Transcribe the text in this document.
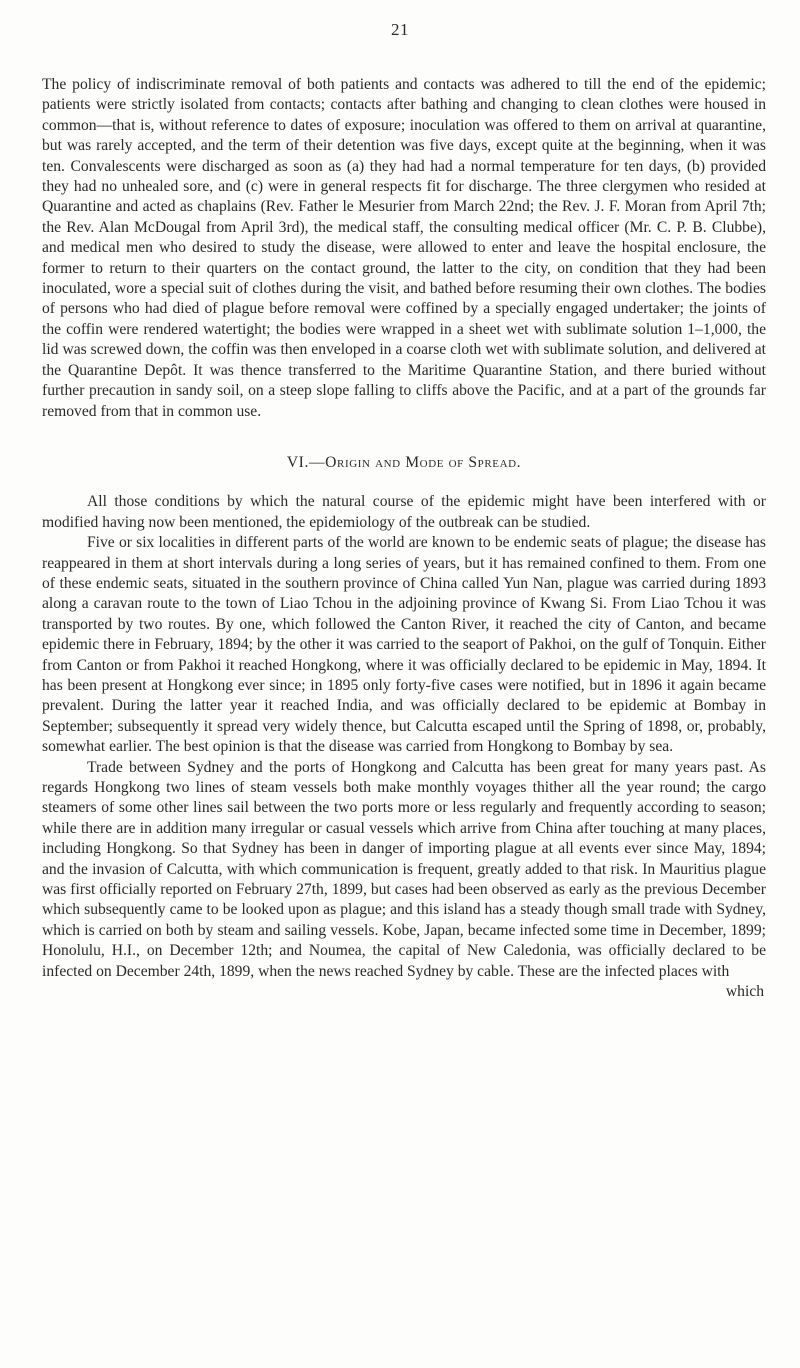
21

The policy of indiscriminate removal of both patients and contacts was adhered to till the end of the epidemic; patients were strictly isolated from contacts; contacts after bathing and changing to clean clothes were housed in common—that is, without reference to dates of exposure; inoculation was offered to them on arrival at quarantine, but was rarely accepted, and the term of their detention was five days, except quite at the beginning, when it was ten. Convalescents were discharged as soon as (a) they had had a normal temperature for ten days, (b) provided they had no unhealed sore, and (c) were in general respects fit for discharge. The three clergymen who resided at Quarantine and acted as chaplains (Rev. Father le Mesurier from March 22nd; the Rev. J. F. Moran from April 7th; the Rev. Alan McDougal from April 3rd), the medical staff, the consulting medical officer (Mr. C. P. B. Clubbe), and medical men who desired to study the disease, were allowed to enter and leave the hospital enclosure, the former to return to their quarters on the contact ground, the latter to the city, on condition that they had been inoculated, wore a special suit of clothes during the visit, and bathed before resuming their own clothes. The bodies of persons who had died of plague before removal were coffined by a specially engaged undertaker; the joints of the coffin were rendered watertight; the bodies were wrapped in a sheet wet with sublimate solution 1–1,000, the lid was screwed down, the coffin was then enveloped in a coarse cloth wet with sublimate solution, and delivered at the Quarantine Depôt. It was thence transferred to the Maritime Quarantine Station, and there buried without further precaution in sandy soil, on a steep slope falling to cliffs above the Pacific, and at a part of the grounds far removed from that in common use.

VI.—Origin and Mode of Spread.

All those conditions by which the natural course of the epidemic might have been interfered with or modified having now been mentioned, the epidemiology of the outbreak can be studied.

Five or six localities in different parts of the world are known to be endemic seats of plague; the disease has reappeared in them at short intervals during a long series of years, but it has remained confined to them. From one of these endemic seats, situated in the southern province of China called Yun Nan, plague was carried during 1893 along a caravan route to the town of Liao Tchou in the adjoining province of Kwang Si. From Liao Tchou it was transported by two routes. By one, which followed the Canton River, it reached the city of Canton, and became epidemic there in February, 1894; by the other it was carried to the seaport of Pakhoi, on the gulf of Tonquin. Either from Canton or from Pakhoi it reached Hongkong, where it was officially declared to be epidemic in May, 1894. It has been present at Hongkong ever since; in 1895 only forty-five cases were notified, but in 1896 it again became prevalent. During the latter year it reached India, and was officially declared to be epidemic at Bombay in September; subsequently it spread very widely thence, but Calcutta escaped until the Spring of 1898, or, probably, somewhat earlier. The best opinion is that the disease was carried from Hongkong to Bombay by sea.

Trade between Sydney and the ports of Hongkong and Calcutta has been great for many years past. As regards Hongkong two lines of steam vessels both make monthly voyages thither all the year round; the cargo steamers of some other lines sail between the two ports more or less regularly and frequently according to season; while there are in addition many irregular or casual vessels which arrive from China after touching at many places, including Hongkong. So that Sydney has been in danger of importing plague at all events ever since May, 1894; and the invasion of Calcutta, with which communication is frequent, greatly added to that risk. In Mauritius plague was first officially reported on February 27th, 1899, but cases had been observed as early as the previous December which subsequently came to be looked upon as plague; and this island has a steady though small trade with Sydney, which is carried on both by steam and sailing vessels. Kobe, Japan, became infected some time in December, 1899; Honolulu, H.I., on December 12th; and Noumea, the capital of New Caledonia, was officially declared to be infected on December 24th, 1899, when the news reached Sydney by cable. These are the infected places with

which
